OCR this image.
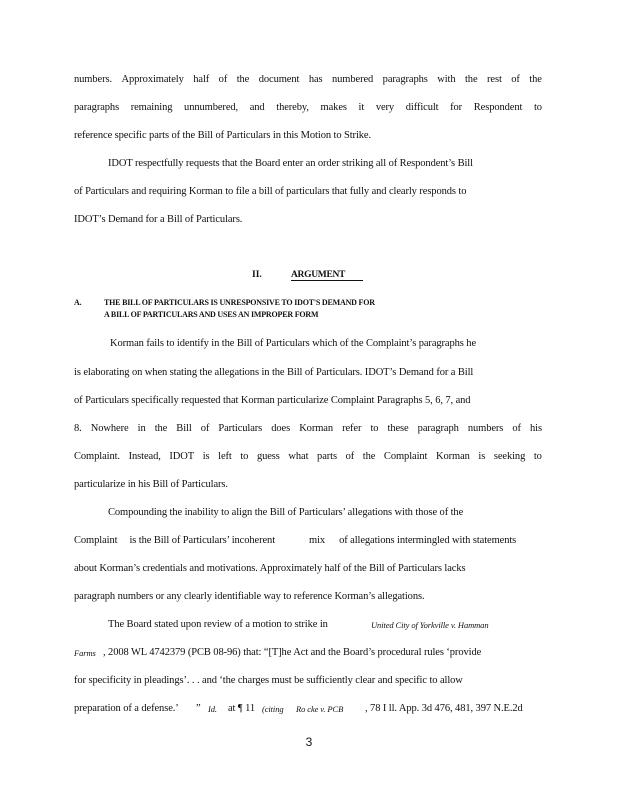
numbers. Approximately half of the document has numbered paragraphs with the rest of the
paragraphs remaining unnumbered, and thereby, makes it very difficult for Respondent to
reference specific parts of the Bill of Particulars in this Motion to Strike.
IDOT respectfully requests that the Board enter an order striking all of Respondent’s Bill
of Particulars and requiring Korman to file a bill of particulars that fully and clearly responds to
IDOT’s Demand for a Bill of Particulars.
II.	ARGUMENT
A.	THE BILL OF PARTICULARS IS UNRESPONSIVE TO IDOT'S DEMAND FOR
A BILL OF PARTICULARS AND USES AN IMPROPER FORM
Korman fails to identify in the Bill of Particulars which of the Complaint’s paragraphs he
is elaborating on when stating the allegations in the Bill of Particulars. IDOT’s Demand for a Bill
of Particulars specifically requested that Korman particularize Complaint Paragraphs 5, 6, 7, and
8. Nowhere in the Bill of Particulars does Korman refer to these paragraph numbers of his
Complaint. Instead, IDOT is left to guess what parts of the Complaint Korman is seeking to
particularize in his Bill of Particulars.
Compounding the inability to align the Bill of Particulars’ allegations with those of the
Complaint is the Bill of Particulars’ incoherent	mix of allegations intermingled with statements
about Korman’s credentials and motivations. Approximately half of the Bill of Particulars lacks
paragraph numbers or any clearly identifiable way to reference Korman’s allegations.
The Board stated upon review of a motion to strike in	United City of Yorkville v. Hamman
Farms , 2008 WL 4742379 (PCB 08-96) that: “[T]he Act and the Board’s procedural rules ‘provide
for specificity in pleadings’. . . and ‘the charges must be sufficiently clear and specific to allow
preparation of a defense.’ ” Id. at ¶ 11 (citing Ro cke v. PCB , 78 I ll. App. 3d 476, 481, 397 N.E.2d
3
